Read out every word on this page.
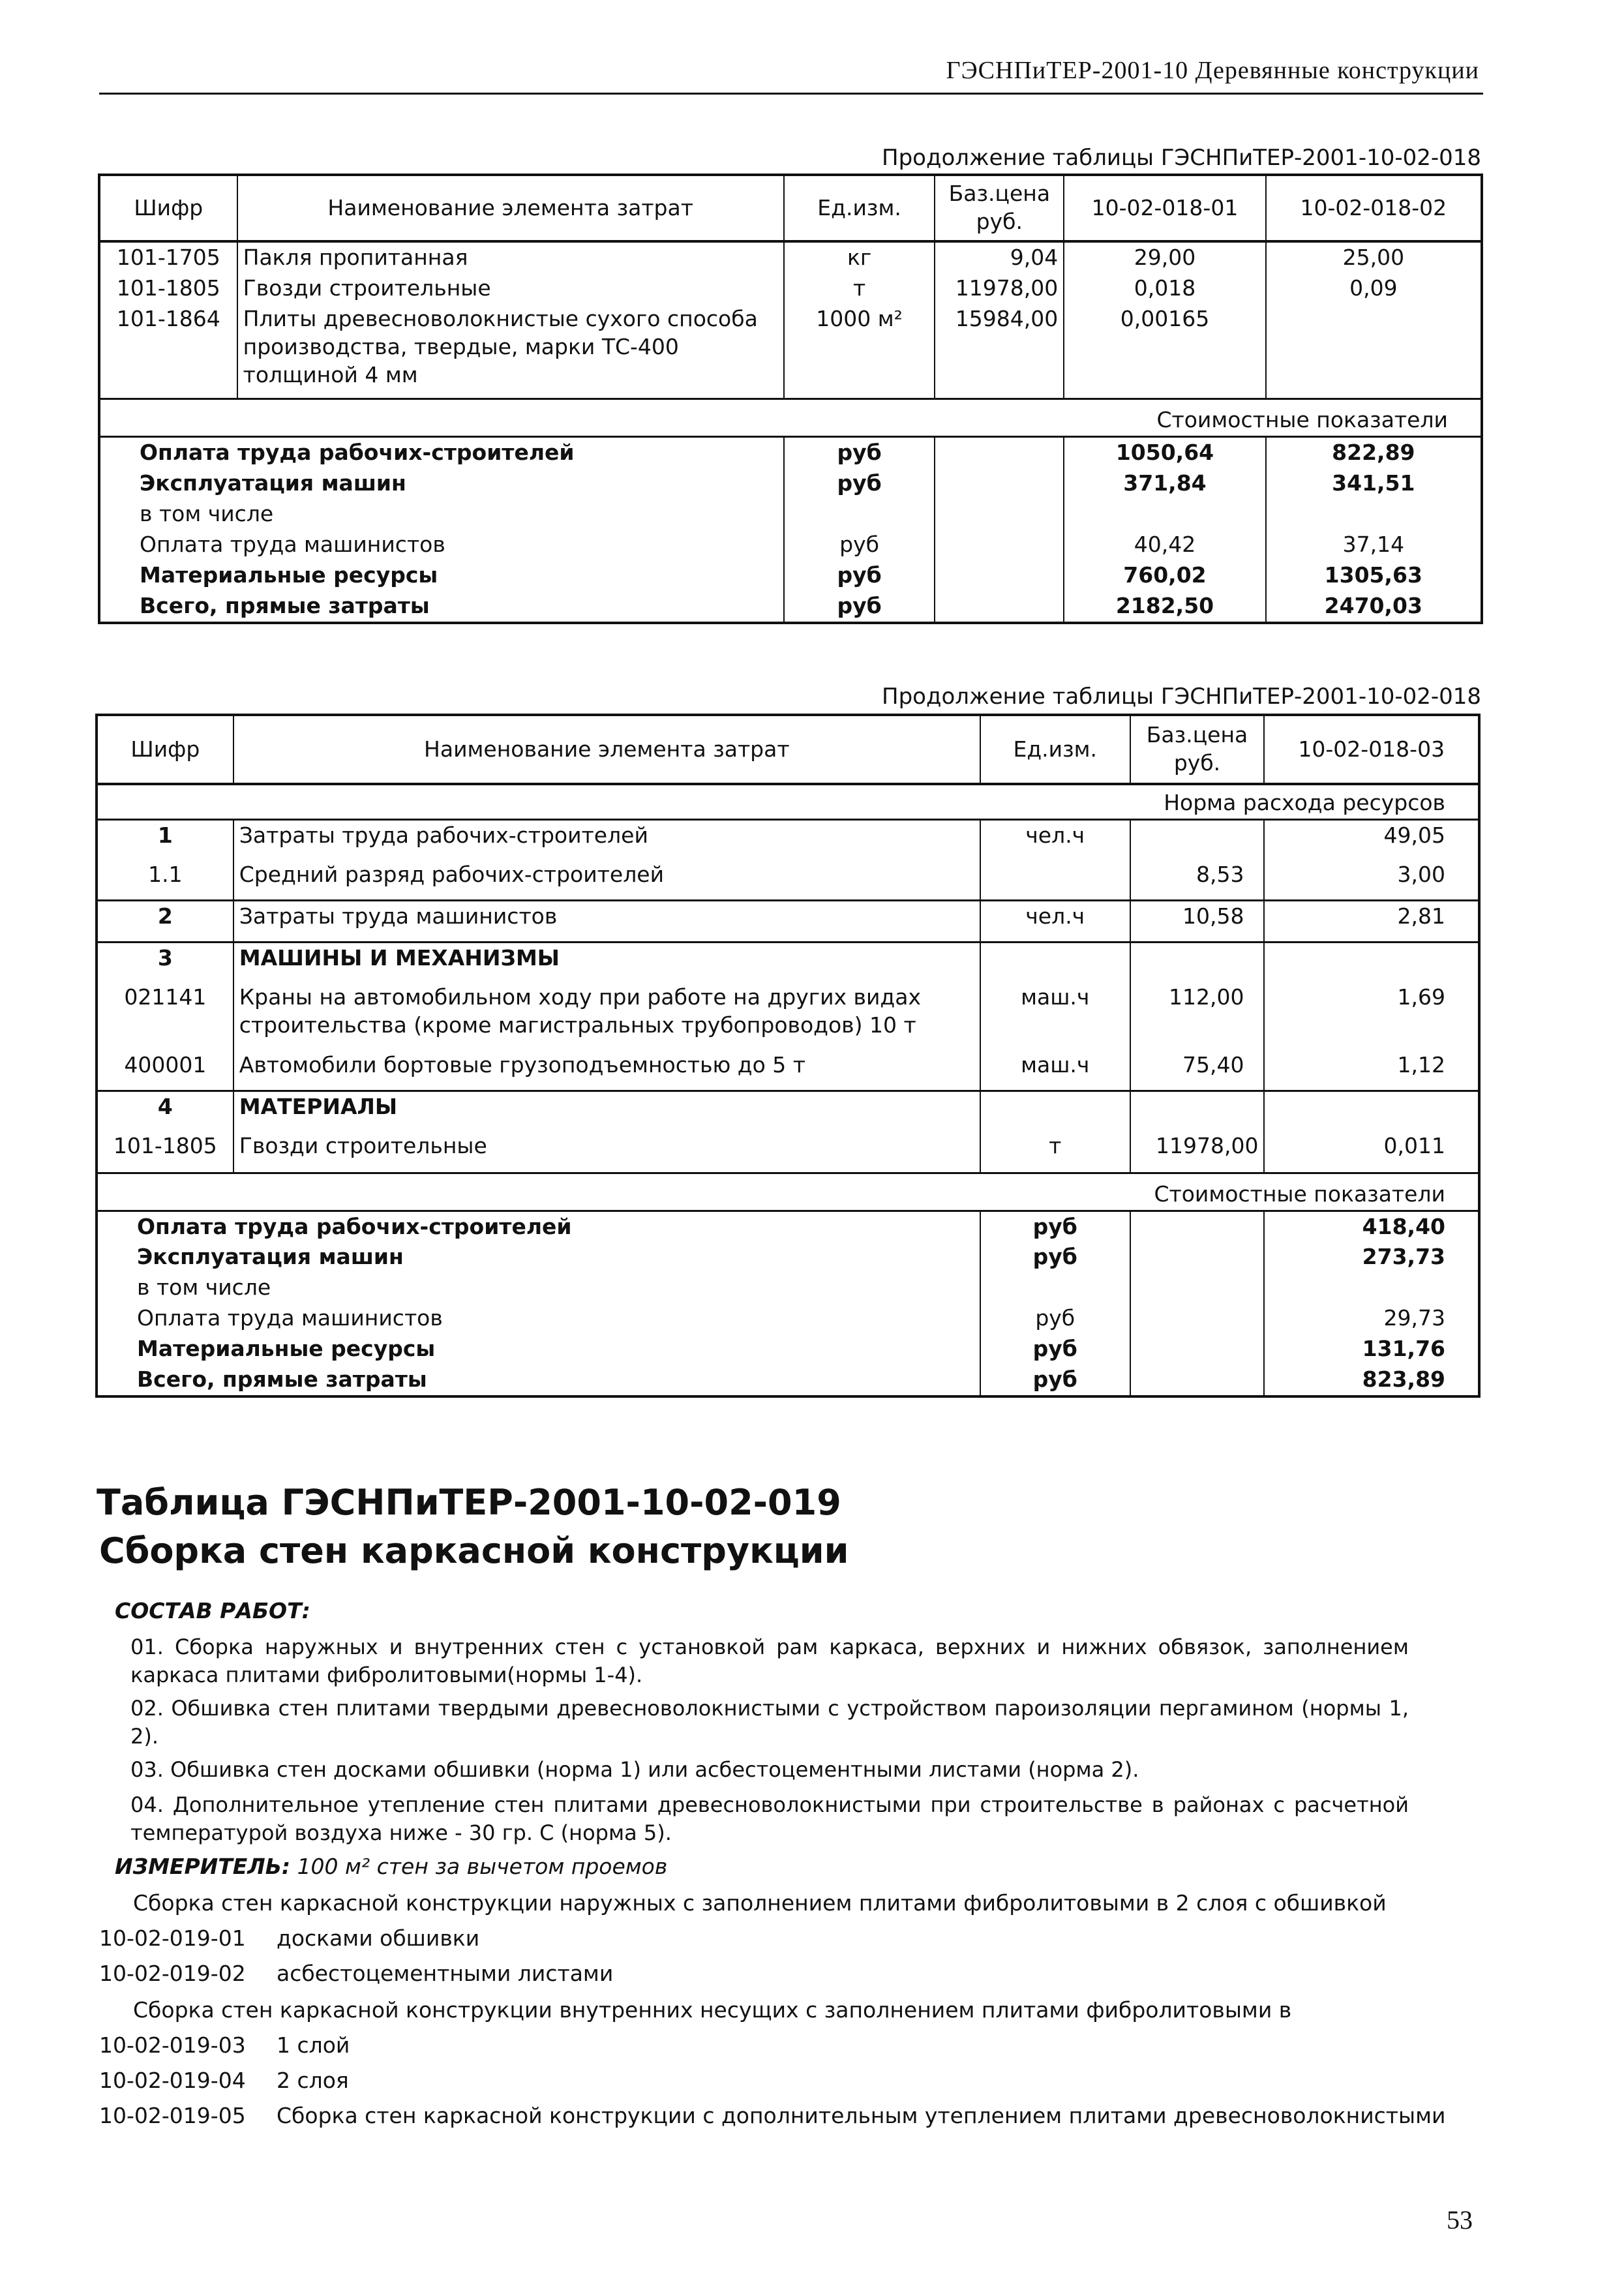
ГЭСНПиТЕР-2001-10 Деревянные конструкции
Продолжение таблицы ГЭСНПиТЕР-2001-10-02-018
Шифр	Наименование элемента затрат	Ед.изм.	Баз.цена руб.	10-02-018-01	10-02-018-02
101-1705	Пакля пропитанная	кг	9,04	29,00	25,00
101-1805	Гвозди строительные	т	11978,00	0,018	0,09
101-1864	Плиты древесноволокнистые сухого способа производства, твердые, марки ТС-400 толщиной 4 мм	1000 м²	15984,00	0,00165	
Стоимостные показатели					
Оплата труда рабочих-строителей		руб		1050,64	822,89
Эксплуатация машин		руб		371,84	341,51
в том числе					
Оплата труда машинистов		руб		40,42	37,14
Материальные ресурсы		руб		760,02	1305,63
Всего, прямые затраты		руб		2182,50	2470,03
Продолжение таблицы ГЭСНПиТЕР-2001-10-02-018
Шифр	Наименование элемента затрат	Ед.изм.	Баз.цена руб.	10-02-018-03
Норма расхода ресурсов				
1	Затраты труда рабочих-строителей	чел.ч		49,05
1.1	Средний разряд рабочих-строителей		8,53	3,00
2	Затраты труда машинистов	чел.ч	10,58	2,81
3	МАШИНЫ И МЕХАНИЗМЫ			
021141	Краны на автомобильном ходу при работе на других видах строительства (кроме магистральных трубопроводов) 10 т	маш.ч	112,00	1,69
400001	Автомобили бортовые грузоподъемностью до 5 т	маш.ч	75,40	1,12
4	МАТЕРИАЛЫ			
101-1805	Гвозди строительные	т	11978,00	0,011
Стоимостные показатели				
Оплата труда рабочих-строителей		руб		418,40
Эксплуатация машин		руб		273,73
в том числе				
Оплата труда машинистов		руб		29,73
Материальные ресурсы		руб		131,76
Всего, прямые затраты		руб		823,89
Таблица ГЭСНПиТЕР-2001-10-02-019
Сборка стен каркасной конструкции
СОСТАВ РАБОТ:
01. Сборка наружных и внутренних стен с установкой рам каркаса, верхних и нижних обвязок, заполнением каркаса плитами фибролитовыми(нормы 1-4).
02. Обшивка стен плитами твердыми древесноволокнистыми с устройством пароизоляции пергамином (нормы 1, 2).
03. Обшивка стен досками обшивки (норма 1) или асбестоцементными листами (норма 2).
04. Дополнительное утепление стен плитами древесноволокнистыми при строительстве в районах с расчетной температурой воздуха ниже - 30 гр. С (норма 5).
ИЗМЕРИТЕЛЬ: 100 м² стен за вычетом проемов
Сборка стен каркасной конструкции наружных с заполнением плитами фибролитовыми в 2 слоя с обшивкой
10-02-019-01 досками обшивки
10-02-019-02 асбестоцементными листами
Сборка стен каркасной конструкции внутренних несущих с заполнением плитами фибролитовыми в
10-02-019-03 1 слой
10-02-019-04 2 слоя
10-02-019-05 Сборка стен каркасной конструкции с дополнительным утеплением плитами древесноволокнистыми
53
